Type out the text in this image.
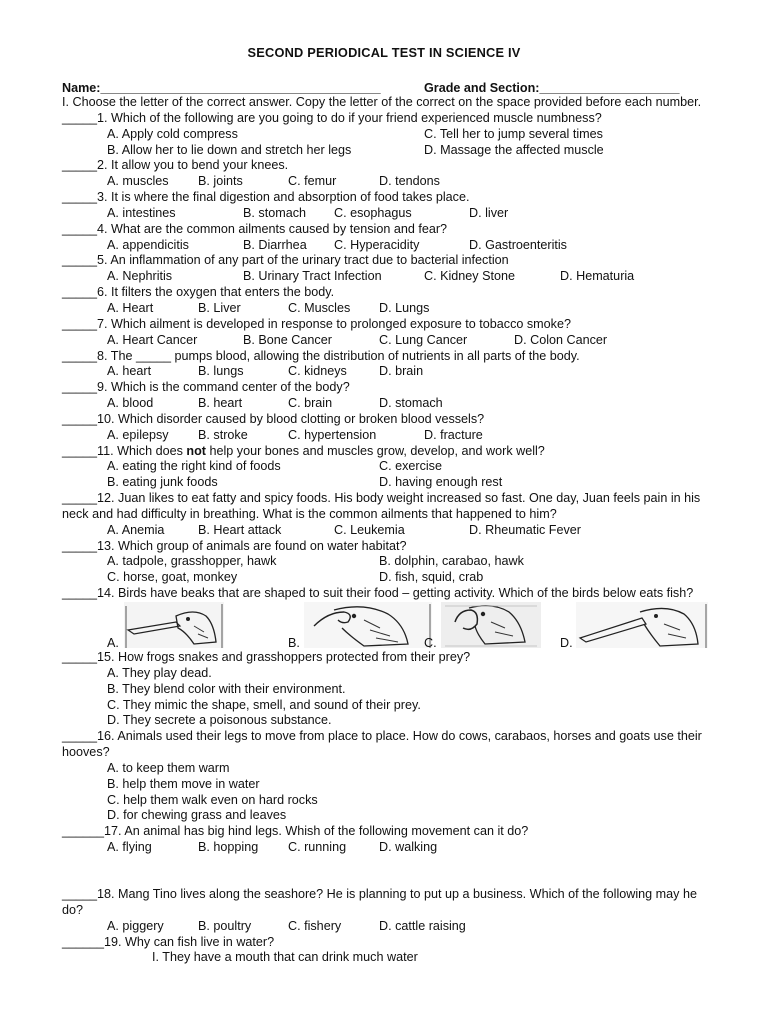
SECOND PERIODICAL TEST IN SCIENCE IV
Name:________________________________________	Grade and Section:____________________
I. Choose the letter of the correct answer. Copy the letter of the correct on the space provided before each number.
_____1. Which of the following are you going to do if your friend experienced muscle numbness?
A. Apply cold compress	C. Tell her to jump several times
B. Allow her to lie down and stretch her legs	D. Massage the affected muscle
_____2. It allow you to bend your knees.
A. muscles B. joints	C. femur	D. tendons
_____3. It is where the final digestion and absorption of food takes place.
A. intestines	B. stomach C. esophagus	D. liver
_____4. What are the common ailments caused by tension and fear?
A. appendicitis	B. Diarrhea C. Hyperacidity	D. Gastroenteritis
_____5. An inflammation of any part of the urinary tract due to bacterial infection
A. Nephritis	B. Urinary Tract Infection	C. Kidney Stone	D. Hematuria
_____6. It filters the oxygen that enters the body.
A. Heart	B. Liver	C. Muscles D. Lungs
_____7. Which ailment is developed in response to prolonged exposure to tobacco smoke?
A. Heart Cancer	B. Bone Cancer	C. Lung Cancer	D. Colon Cancer
_____8. The _____ pumps blood, allowing the distribution of nutrients in all parts of the body.
A. heart	B. lungs	C. kidneys	D. brain
_____9. Which is the command center of the body?
A. blood	B. heart	C. brain	D. stomach
_____10. Which disorder caused by blood clotting or broken blood vessels?
A. epilepsy B. stroke	C. hypertension	D. fracture
_____11. Which does not help your bones and muscles grow, develop, and work well?
A. eating the right kind of foods	C. exercise
B. eating junk foods	D. having enough rest
_____12. Juan likes to eat fatty and spicy foods. His body weight increased so fast. One day, Juan feels pain in his neck and had difficulty in breathing. What is the common ailments that happened to him?
A. Anemia	B. Heart attack	C. Leukemia	D. Rheumatic Fever
_____13. Which group of animals are found on water habitat?
A. tadpole, grasshopper, hawk	B. dolphin, carabao, hawk
C. horse, goat, monkey	D. fish, squid, crab
_____14. Birds have beaks that are shaped to suit their food – getting activity. Which of the birds below eats fish?
A.	B.	C.	D.
_____15. How frogs snakes and grasshoppers protected from their prey?
A. They play dead.
B. They blend color with their environment.
C. They mimic the shape, smell, and sound of their prey.
D. They secrete a poisonous substance.
_____16. Animals used their legs to move from place to place. How do cows, carabaos, horses and goats use their hooves?
A. to keep them warm
B. help them move in water
C. help them walk even on hard rocks
D. for chewing grass and leaves
______17. An animal has big hind legs. Whish of the following movement can it do?
A. flying	B. hopping C. running	D. walking
_____18. Mang Tino lives along the seashore? He is planning to put up a business. Which of the following may he do?
A. piggery	B. poultry	C. fishery	D. cattle raising
______19. Why can fish live in water?
I. They have a mouth that can drink much water
